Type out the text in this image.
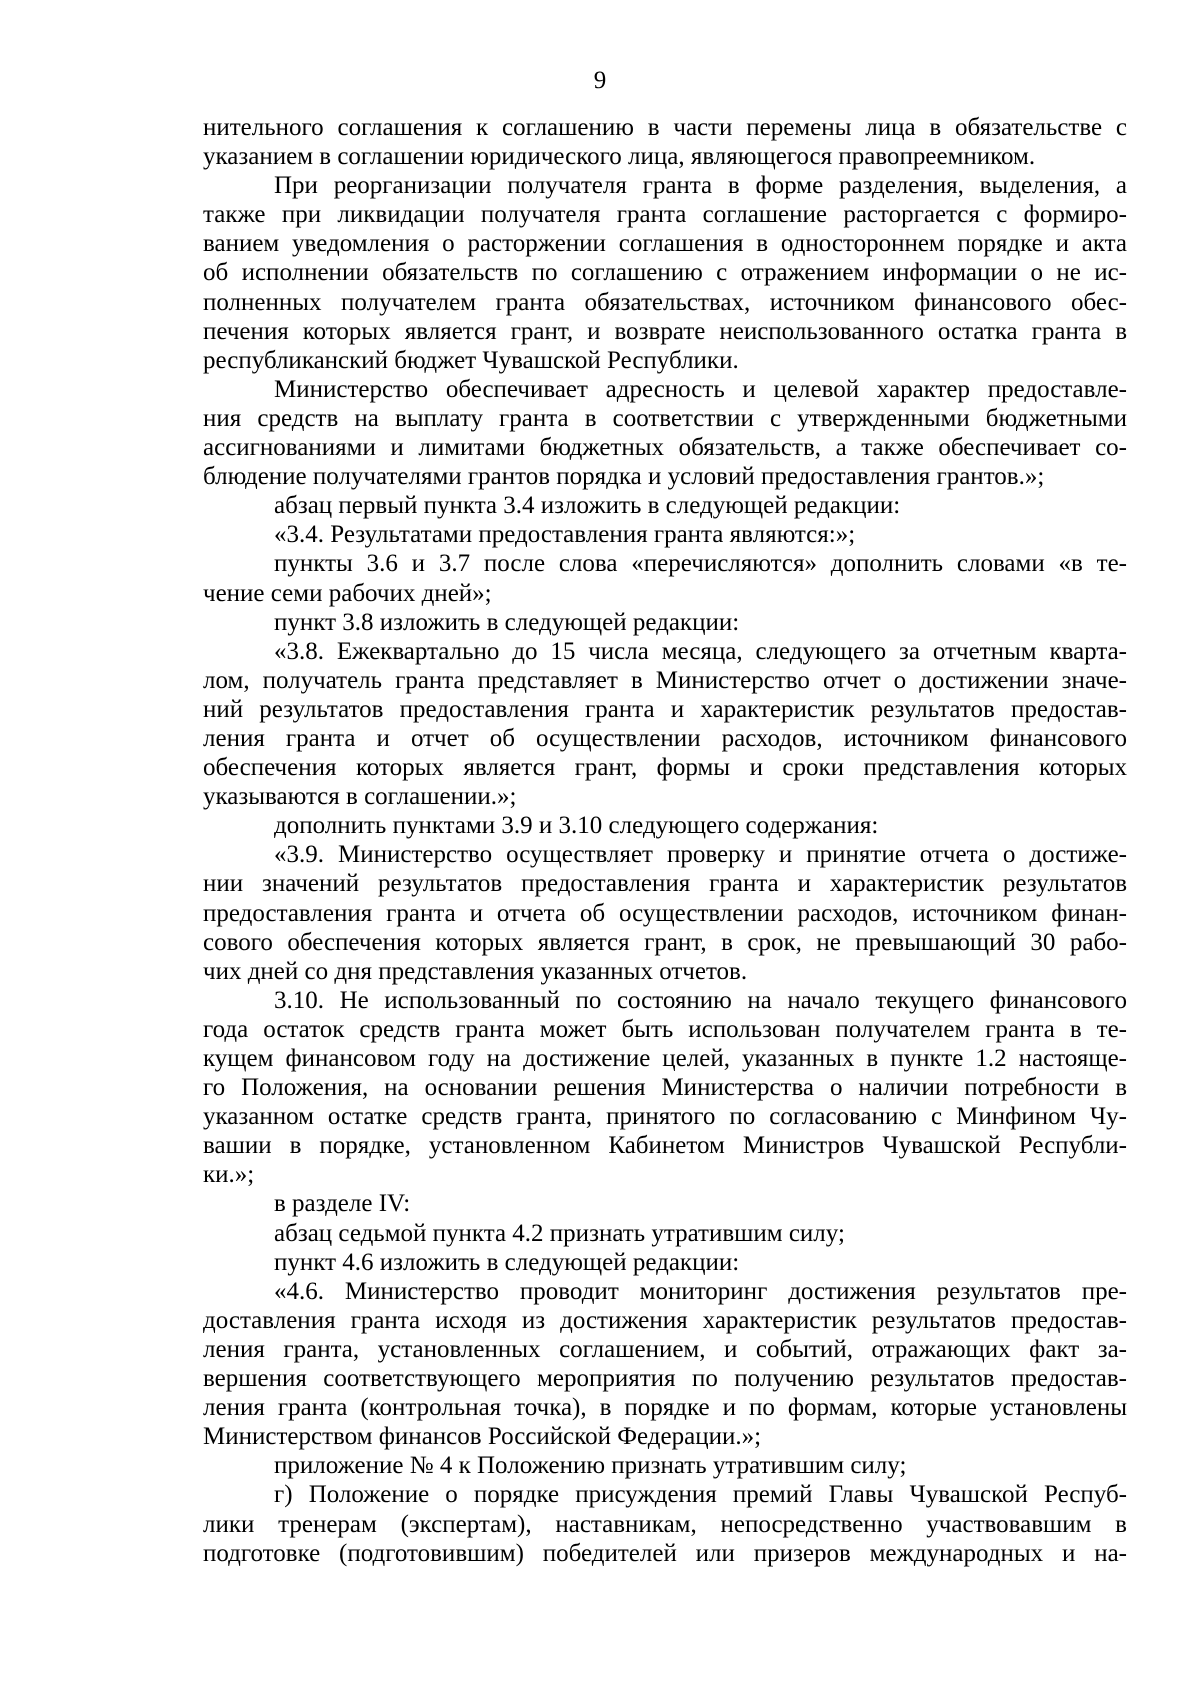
9
нительного соглашения к соглашению в части перемены лица в обязательстве с
указанием в соглашении юридического лица, являющегося правопреемником.
При реорганизации получателя гранта в форме разделения, выделения, а
также при ликвидации получателя гранта соглашение расторгается с формиро-
ванием уведомления о расторжении соглашения в одностороннем порядке и акта
об исполнении обязательств по соглашению с отражением информации о не ис-
полненных получателем гранта обязательствах, источником финансового обес-
печения которых является грант, и возврате неиспользованного остатка гранта в
республиканский бюджет Чувашской Республики.
Министерство обеспечивает адресность и целевой характер предоставле-
ния средств на выплату гранта в соответствии с утвержденными бюджетными
ассигнованиями и лимитами бюджетных обязательств, а также обеспечивает со-
блюдение получателями грантов порядка и условий предоставления грантов.»;
абзац первый пункта 3.4 изложить в следующей редакции:
«3.4. Результатами предоставления гранта являются:»;
пункты 3.6 и 3.7 после слова «перечисляются» дополнить словами «в те-
чение семи рабочих дней»;
пункт 3.8 изложить в следующей редакции:
«3.8. Ежеквартально до 15 числа месяца, следующего за отчетным кварта-
лом, получатель гранта представляет в Министерство отчет о достижении значе-
ний результатов предоставления гранта и характеристик результатов предостав-
ления гранта и отчет об осуществлении расходов, источником финансового
обеспечения которых является грант, формы и сроки представления которых
указываются в соглашении.»;
дополнить пунктами 3.9 и 3.10 следующего содержания:
«3.9. Министерство осуществляет проверку и принятие отчета о достиже-
нии значений результатов предоставления гранта и характеристик результатов
предоставления гранта и отчета об осуществлении расходов, источником финан-
сового обеспечения которых является грант, в срок, не превышающий 30 рабо-
чих дней со дня представления указанных отчетов.
3.10. Не использованный по состоянию на начало текущего финансового
года остаток средств гранта может быть использован получателем гранта в те-
кущем финансовом году на достижение целей, указанных в пункте 1.2 настояще-
го Положения, на основании решения Министерства о наличии потребности в
указанном остатке средств гранта, принятого по согласованию с Минфином Чу-
вашии в порядке, установленном Кабинетом Министров Чувашской Республи-
ки.»;
в разделе IV:
абзац седьмой пункта 4.2 признать утратившим силу;
пункт 4.6 изложить в следующей редакции:
«4.6. Министерство проводит мониторинг достижения результатов пре-
доставления гранта исходя из достижения характеристик результатов предостав-
ления гранта, установленных соглашением, и событий, отражающих факт за-
вершения соответствующего мероприятия по получению результатов предостав-
ления гранта (контрольная точка), в порядке и по формам, которые установлены
Министерством финансов Российской Федерации.»;
приложение № 4 к Положению признать утратившим силу;
г) Положение о порядке присуждения премий Главы Чувашской Респуб-
лики тренерам (экспертам), наставникам, непосредственно участвовавшим в
подготовке (подготовившим) победителей или призеров международных и на-
